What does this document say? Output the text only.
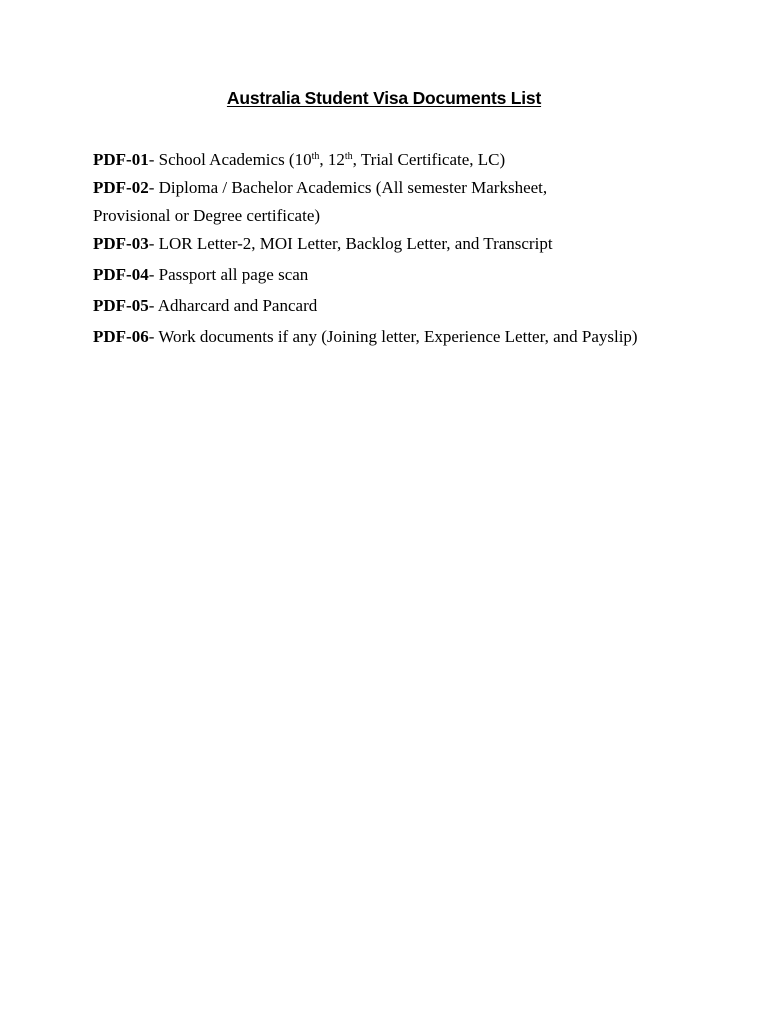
Australia Student Visa Documents List

PDF-01- School Academics (10th, 12th, Trial Certificate, LC)

PDF-02- Diploma / Bachelor Academics (All semester Marksheet,
Provisional or Degree certificate)

PDF-03- LOR Letter-2, MOI Letter, Backlog Letter, and Transcript

PDF-04- Passport all page scan

PDF-05- Adharcard and Pancard

PDF-06- Work documents if any (Joining letter, Experience Letter, and Payslip)
